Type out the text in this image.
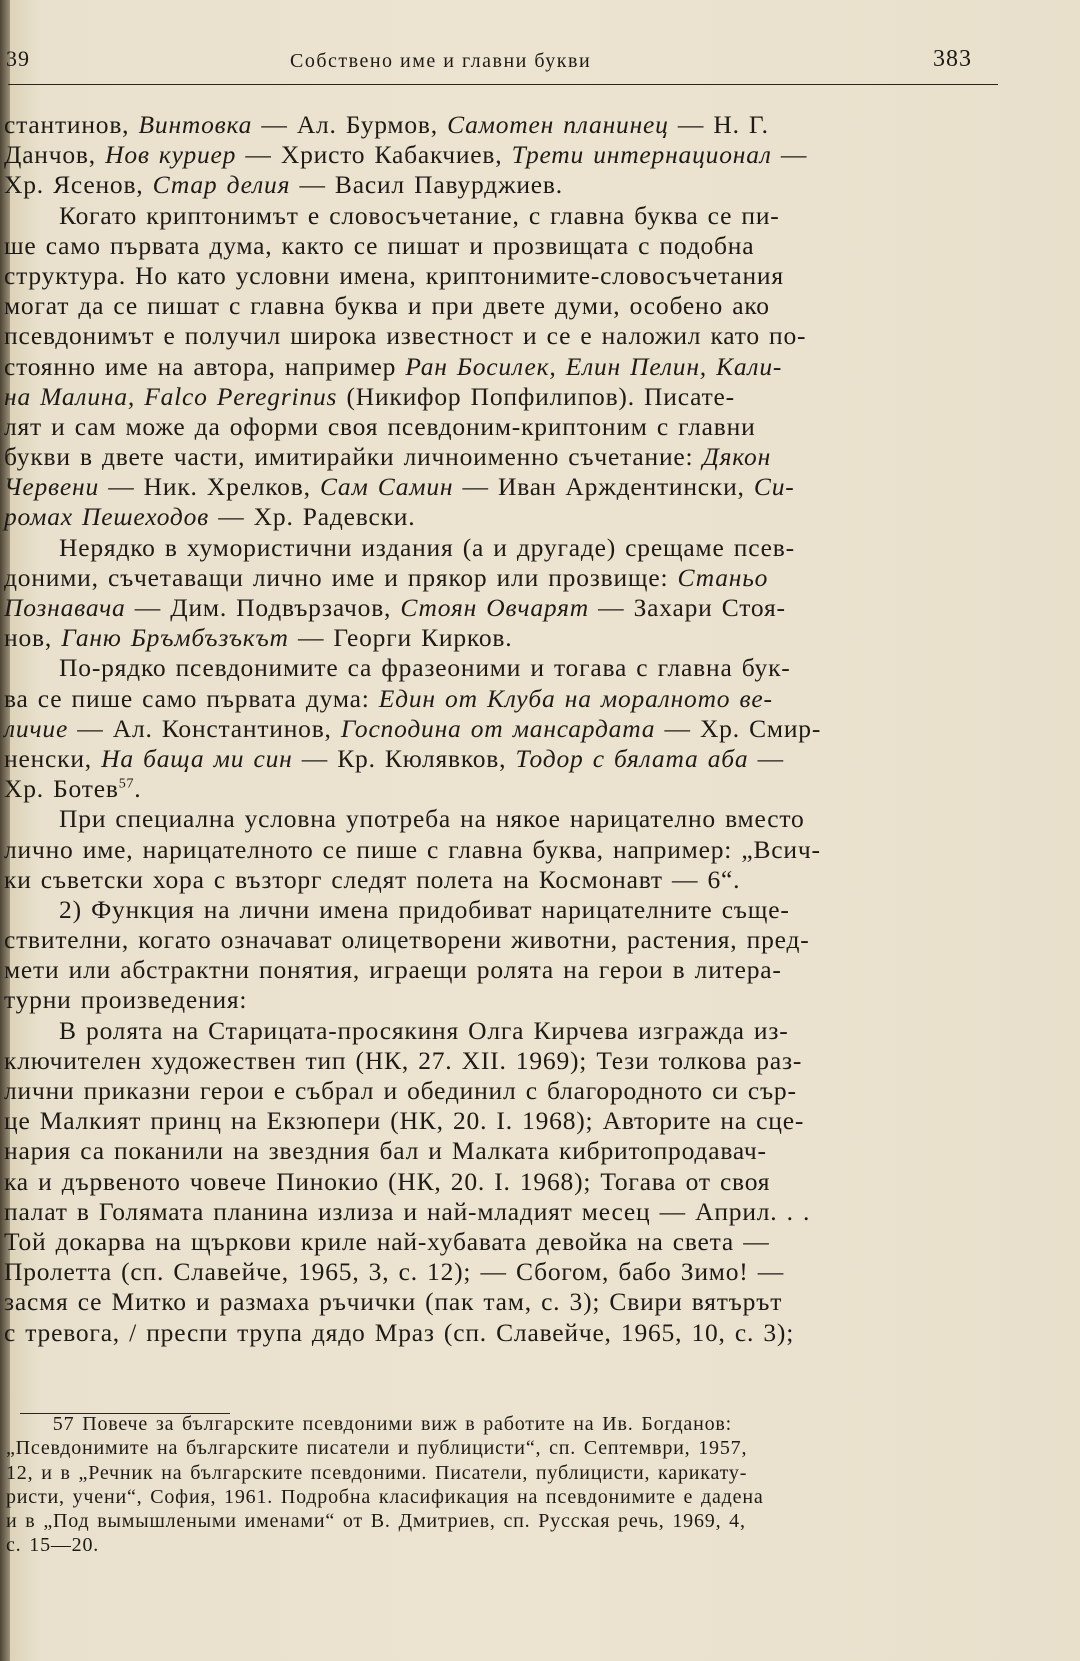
39	Собствено име и главни букви	383
стантинов, Винтовка — Ал. Бурмов, Самотен планинец — Н. Г.
Данчов, Нов куриер — Христо Кабакчиев, Трети интернационал —
Хр. Ясенов, Стар делия — Васил Павурджиев.
Когато криптонимът е словосъчетание, с главна буква се пи-
ше само първата дума, както се пишат и прозвищата с подобна
структура. Но като условни имена, криптонимите-словосъчетания
могат да се пишат с главна буква и при двете думи, особено ако
псевдонимът е получил широка известност и се е наложил като по-
стоянно име на автора, например Ран Босилек, Елин Пелин, Кали-
на Малина, Falco Peregrinus (Никифор Попфилипов). Писате-
лят и сам може да оформи своя псевдоним-криптоним с главни
букви в двете части, имитирайки личноименно съчетание: Дякон
Червени — Ник. Хрелков, Сам Самин — Иван Арждентински, Си-
ромах Пешеходов — Хр. Радевски.
Нерядко в хумористични издания (а и другаде) срещаме псев-
доними, съчетаващи лично име и прякор или прозвище: Станьо
Познавача — Дим. Подвързачов, Стоян Овчарят — Захари Стоя-
нов, Ганю Бръмбъзъкът — Георги Кирков.
По-рядко псевдонимите са фразеоними и тогава с главна бук-
ва се пише само първата дума: Един от Клуба на моралното ве-
личие — Ал. Константинов, Господина от мансардата — Хр. Смир-
ненски, На баща ми син — Кр. Кюлявков, Тодор с бялата аба —
Хр. Ботев$^{57}$.
При специална условна употреба на някое нарицателно вместо
лично име, нарицателното се пише с главна буква, например: „Всич-
ки съветски хора с възторг следят полета на Космонавт — 6“.
2) Функция на лични имена придобиват нарицателните съще-
ствителни, когато означават олицетворени животни, растения, пред-
мети или абстрактни понятия, играещи ролята на герои в литера-
турни произведения:
В ролята на Старицата-просякиня Олга Кирчева изгражда из-
ключителен художествен тип (НК, 27. XII. 1969); Тези толкова раз-
лични приказни герои е събрал и обединил с благородното си сър-
це Малкият принц на Екзюпери (НК, 20. I. 1968); Авторите на сце-
нария са поканили на звездния бал и Малката кибритопродавач-
ка и дървеното човече Пинокио (НК, 20. I. 1968); Тогава от своя
палат в Голямата планина излиза и най-младият месец — Април. . .
Той докарва на щъркови криле най-хубавата девойка на света —
Пролетта (сп. Славейче, 1965, 3, с. 12); — Сбогом, бабо Зимо! —
засмя се Митко и размаха ръчички (пак там, с. 3); Свири вятърът
с тревога, / преспи трупа дядо Мраз (сп. Славейче, 1965, 10, с. 3);
57 Повече за българските псевдоними виж в работите на Ив. Богданов:
„Псевдонимите на българските писатели и публицисти“, сп. Септември, 1957,
12, и в „Речник на българските псевдоними. Писатели, публицисти, карикату-
ристи, учени“, София, 1961. Подробна класификация на псевдонимите е дадена
и в „Под вымышлеными именами“ от В. Дмитриев, сп. Русская речь, 1969, 4,
с. 15—20.
